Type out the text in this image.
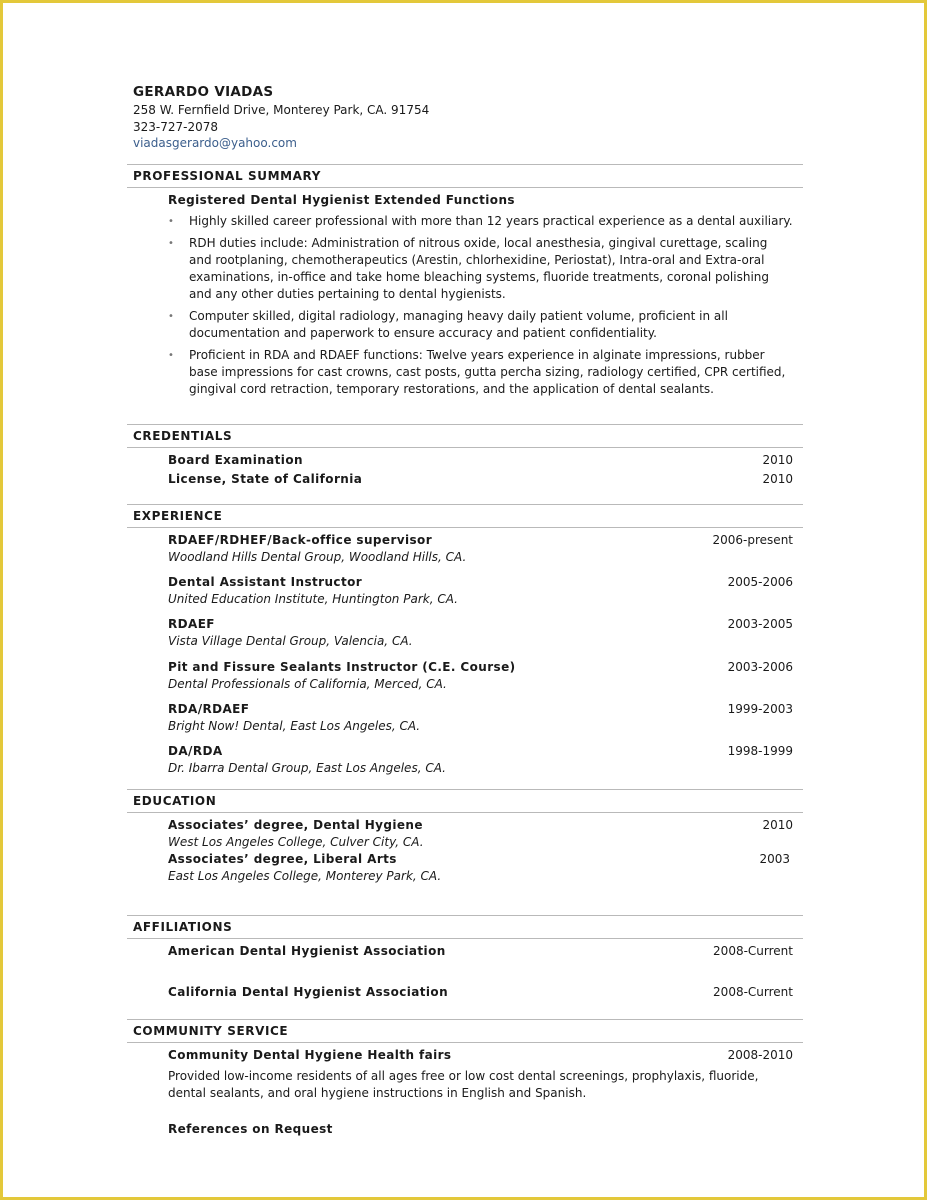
GERARDO VIADAS
258 W. Fernfield Drive, Monterey Park, CA. 91754
323-727-2078
viadasgerardo@yahoo.com
PROFESSIONAL SUMMARY
Registered Dental Hygienist Extended Functions
• Highly skilled career professional with more than 12 years practical experience as a dental auxiliary.
• RDH duties include: Administration of nitrous oxide, local anesthesia, gingival curettage, scaling and rootplaning, chemotherapeutics (Arestin, chlorhexidine, Periostat), Intra-oral and Extra-oral examinations, in-office and take home bleaching systems, fluoride treatments, coronal polishing and any other duties pertaining to dental hygienists.
• Computer skilled, digital radiology, managing heavy daily patient volume, proficient in all documentation and paperwork to ensure accuracy and patient confidentiality.
• Proficient in RDA and RDAEF functions: Twelve years experience in alginate impressions, rubber base impressions for cast crowns, cast posts, gutta percha sizing, radiology certified, CPR certified, gingival cord retraction, temporary restorations, and the application of dental sealants.
CREDENTIALS
Board Examination	2010
License, State of California	2010
EXPERIENCE
RDAEF/RDHEF/Back-office supervisor	2006-present
Woodland Hills Dental Group, Woodland Hills, CA.
Dental Assistant Instructor	2005-2006
United Education Institute, Huntington Park, CA.
RDAEF	2003-2005
Vista Village Dental Group, Valencia, CA.
Pit and Fissure Sealants Instructor (C.E. Course)	2003-2006
Dental Professionals of California, Merced, CA.
RDA/RDAEF	1999-2003
Bright Now! Dental, East Los Angeles, CA.
DA/RDA	1998-1999
Dr. Ibarra Dental Group, East Los Angeles, CA.
EDUCATION
Associates’ degree, Dental Hygiene	2010
West Los Angeles College, Culver City, CA.
Associates’ degree, Liberal Arts	2003
East Los Angeles College, Monterey Park, CA.
AFFILIATIONS
American Dental Hygienist Association	2008-Current
California Dental Hygienist Association	2008-Current
COMMUNITY SERVICE
Community Dental Hygiene Health fairs	2008-2010
Provided low-income residents of all ages free or low cost dental screenings, prophylaxis, fluoride, dental sealants, and oral hygiene instructions in English and Spanish.
References on Request
